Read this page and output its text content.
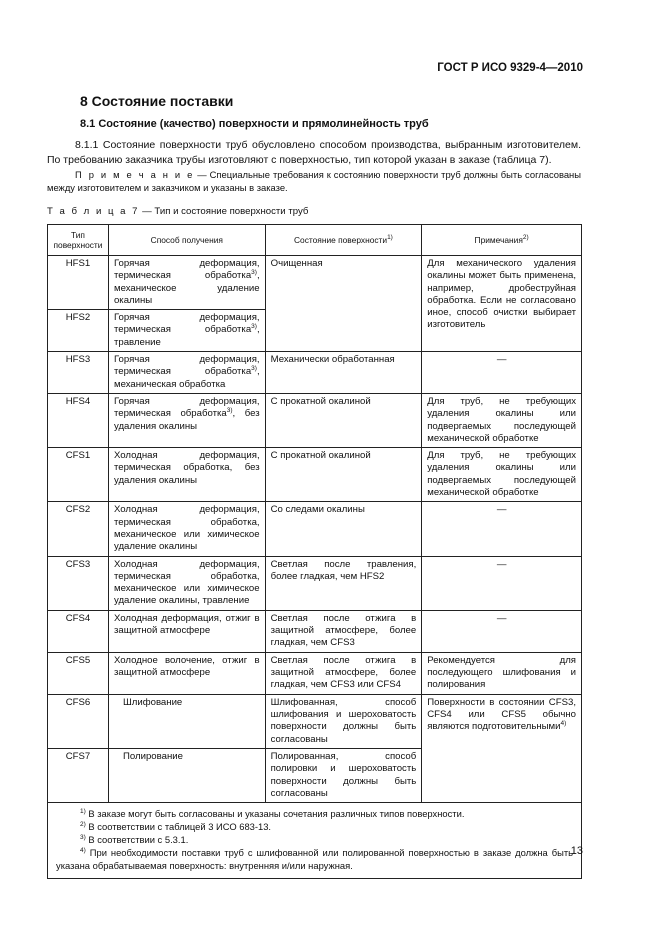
ГОСТ Р ИСО 9329-4—2010
8 Состояние поставки
8.1 Состояние (качество) поверхности и прямолинейность труб
8.1.1 Состояние поверхности труб обусловлено способом производства, выбранным изготовителем. По требованию заказчика трубы изготовляют с поверхностью, тип которой указан в заказе (таблица 7).
П р и м е ч а н и е — Специальные требования к состоянию поверхности труб должны быть согласованы между изготовителем и заказчиком и указаны в заказе.
Т а б л и ц а 7 — Тип и состояние поверхности труб
Тип поверхности	Способ получения	Состояние поверхности$^{1)}$	Примечания$^{2)}$
HFS1	Горячая деформация, термическая обработка$^{3)}$, механическое удаление окалины	Очищенная	Для механического удаления окалины может быть применена, например, дробеструйная обработка. Если не согласовано иное, способ очистки выбирает изготовитель
HFS2	Горячая деформация, термическая обработка$^{3)}$, травление		
HFS3	Горячая деформация, термическая обработка$^{3)}$, механическая обработка	Механически обработанная	—
HFS4	Горячая деформация, термическая обработка$^{3)}$, без удаления окалины	С прокатной окалиной	Для труб, не требующих удаления окалины или подвергаемых последующей механической обработке
CFS1	Холодная деформация, термическая обработка, без удаления окалины	С прокатной окалиной	Для труб, не требующих удаления окалины или подвергаемых последующей механической обработке
CFS2	Холодная деформация, термическая обработка, механическое или химическое удаление окалины	Со следами окалины	—
CFS3	Холодная деформация, термическая обработка, механическое или химическое удаление окалины, травление	Светлая после травления, более гладкая, чем HFS2	—
CFS4	Холодная деформация, отжиг в защитной атмосфере	Светлая после отжига в защитной атмосфере, более гладкая, чем CFS3	—
CFS5	Холодное волочение, отжиг в защитной атмосфере	Светлая после отжига в защитной атмосфере, более гладкая, чем CFS3 или CFS4	Рекомендуется для последующего шлифования и полирования
CFS6	Шлифование	Шлифованная, способ шлифования и шероховатость поверхности должны быть согласованы	Поверхности в состоянии CFS3, CFS4 или CFS5 обычно являются подготовительными$^{4)}$
CFS7	Полирование	Полированная, способ полировки и шероховатость поверхности должны быть согласованы	

$^{1)}$ В заказе могут быть согласованы и указаны сочетания различных типов поверхности.

$^{2)}$ В соответствии с таблицей 3 ИСО 683-13.

$^{3)}$ В соответствии с 5.3.1.

$^{4)}$ При необходимости поставки труб с шлифованной или полированной поверхностью в заказе должна быть указана обрабатываемая поверхность: внутренняя и/или наружная.			

13
